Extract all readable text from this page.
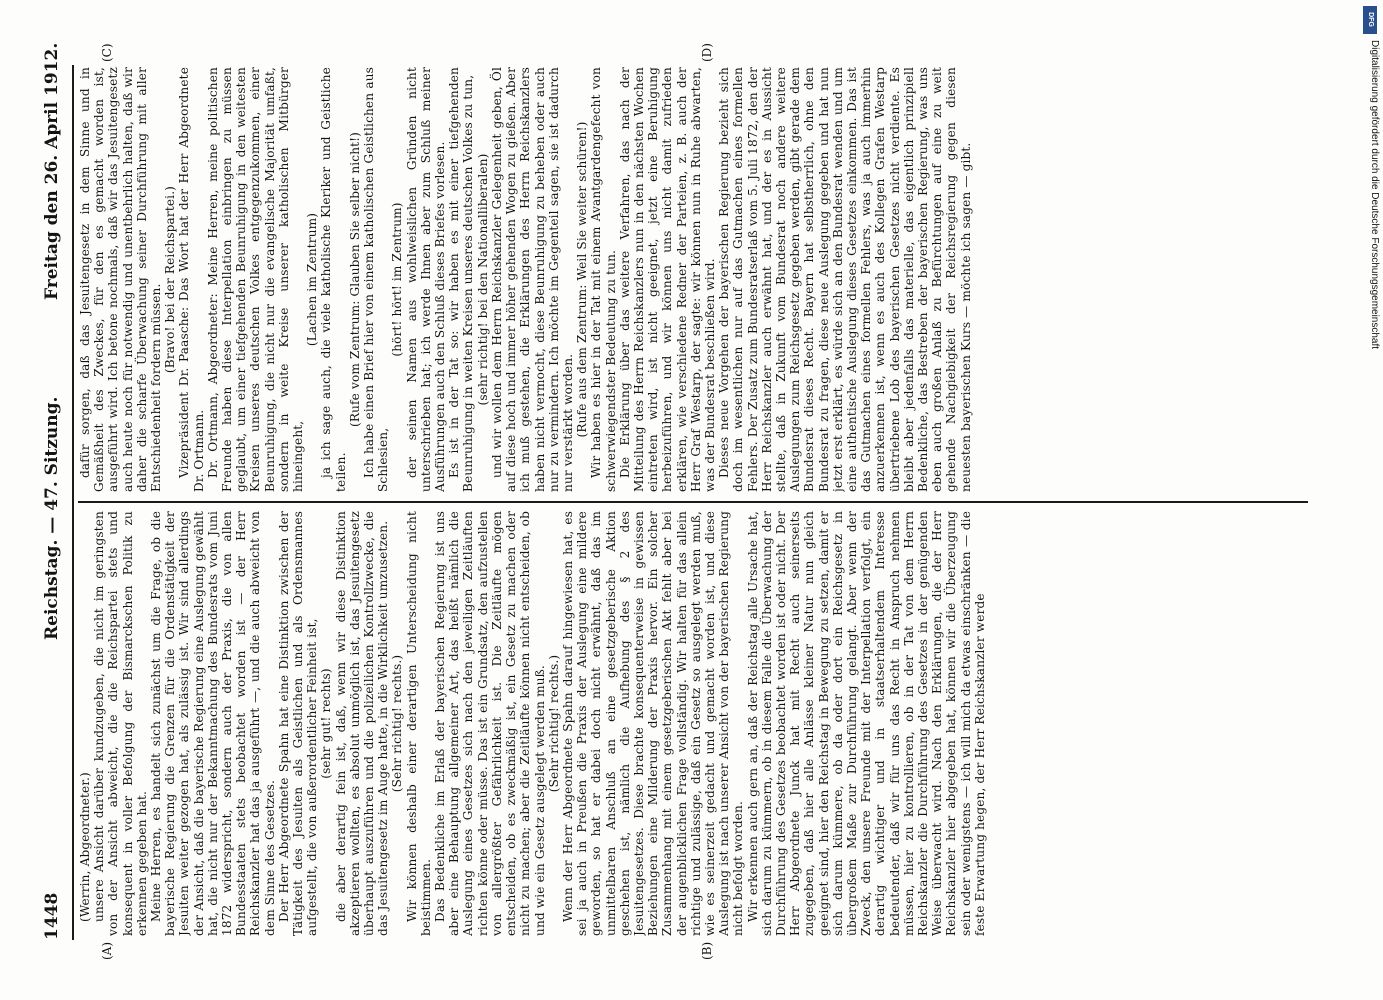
1448
Reichstag. — 47. Sitzung.
Freitag den 26. April 1912.
(A)	(B)
(C)	(D)

(Werrin, Abgeordneter.) unsere Ansicht darüber kundzugeben, die nicht im geringsten von der Ansicht abweicht, die die Reichspartei stets und konsequent in voller Befolgung der Bismarckschen Politik zu erkennen gegeben hat. Meine Herren, es handelt sich zunächst um die Frage, ob die bayerische Regierung die Grenzen für die Ordenstätigkeit der Jesuiten weiter gezogen hat, als zulässig ist. Wir sind allerdings der Ansicht, daß die bayerische Regierung eine Auslegung gewählt hat, die nicht nur der Bekanntmachung des Bundesrats vom Juni 1872 widerspricht, sondern auch der Praxis, die von allen Bundesstaaten stets beobachtet worden ist — der Herr Reichskanzler hat das ja ausgeführt —, und die auch abweicht von dem Sinne des Gesetzes. Der Herr Abgeordnete Spahn hat eine Distinktion zwischen der Tätigkeit des Jesuiten als Geistlichen und als Ordensmannes aufgestellt, die von außerordentlicher Feinheit ist, (sehr gut! rechts) die aber derartig fein ist, daß, wenn wir diese Distinktion akzeptieren wollten, es absolut unmöglich ist, das Jesuitengesetz überhaupt auszuführen und die polizeilichen Kontrollzwecke, die das Jesuitengesetz im Auge hatte, in die Wirklichkeit umzusetzen. (Sehr richtig! rechts.) Wir können deshalb einer derartigen Unterscheidung nicht beistimmen. Das Bedenkliche im Erlaß der bayerischen Regierung ist uns aber eine Behauptung allgemeiner Art, das heißt nämlich die Auslegung eines Gesetzes sich nach den jeweiligen Zeitläuften richten könne oder müsse. Das ist ein Grundsatz, den aufzustellen von allergrößter Gefährlichkeit ist. Die Zeitläufte mögen entscheiden, ob es zweckmäßig ist, ein Gesetz zu machen oder nicht zu machen; aber die Zeitläufte können nicht entscheiden, ob und wie ein Gesetz ausgelegt werden muß. (Sehr richtig! rechts.) Wenn der Herr Abgeordnete Spahn darauf hingewiesen hat, es sei ja auch in Preußen die Praxis der Auslegung eine mildere geworden, so hat er dabei doch nicht erwähnt, daß das im unmittelbaren Anschluß an eine gesetzgeberische Aktion geschehen ist, nämlich die Aufhebung des § 2 des Jesuitengesetzes. Diese brachte konsequenterweise in gewissen Beziehungen eine Milderung der Praxis hervor. Ein solcher Zusammenhang mit einem gesetzgeberischen Akt fehlt aber bei der augenblicklichen Frage vollständig. Wir halten für das allein richtige und zulässige, daß ein Gesetz so ausgelegt werden muß, wie es seinerzeit gedacht und gemacht worden ist, und diese Auslegung ist nach unserer Ansicht von der bayerischen Regierung nicht befolgt worden. Wir erkennen auch gern an, daß der Reichstag alle Ursache hat, sich darum zu kümmern, ob in diesem Falle die Überwachung der Durchführung des Gesetzes beobachtet worden ist oder nicht. Der Herr Abgeordnete Junck hat mit Recht auch seinerseits zugegeben, daß hier alle Anlässe kleiner Natur nun gleich geeignet sind, hier den Reichstag in Bewegung zu setzen, damit er sich darum kümmere, ob da oder dort ein Reichsgesetz in übergroßem Maße zur Durchführung gelangt. Aber wenn der Zweck, den unsere Freunde mit der Interpellation verfolgt, ein derartig wichtiger und in staatserhaltendem Interesse bedeutender, daß wir für uns das Recht in Anspruch nehmen müssen, hier zu kontrollieren, ob in der Tat von dem Herrn Reichskanzler die Durchführung des Gesetzes in der genügenden Weise überwacht wird. Nach den Erklärungen, die der Herr Reichskanzler hier abgegeben hat, können wir die Überzeugung sein oder wenigstens — ich will mich da etwas einschränken — die feste Erwartung hegen, der Herr Reichskanzler werde

dafür sorgen, daß das Jesuitengesetz in dem Sinne und in Gemäßheit des Zweckes, für den es gemacht worden ist, ausgeführt wird. Ich betone nochmals, daß wir das Jesuitengesetz auch heute noch für notwendig und unentbehrlich halten, daß wir daher die scharfe Überwachung seiner Durchführung mit aller Entschiedenheit fordern müssen.

(Bravo! bei der Reichspartei.) Vizepräsident Dr. Paasche: Das Wort hat der Herr Abgeordnete Dr. Ortmann. Dr. Ortmann, Abgeordneter: Meine Herren, meine politischen Freunde haben diese Interpellation einbringen zu müssen geglaubt, um einer tiefgehenden Beunruhigung in den weitesten Kreisen unseres deutschen Volkes entgegenzukommen, einer Beunruhigung, die nicht nur die evangelische Majorität umfaßt, sondern in weite Kreise unserer katholischen Mitbürger hineingeht,

(Lachen im Zentrum) ja ich sage auch, die viele katholische Kleriker und Geistliche teilen.

(Rufe vom Zentrum: Glauben Sie selber nicht!) Ich habe einen Brief hier von einem katholischen Geistlichen aus Schlesien,

(hört! hört! im Zentrum) der seinen Namen aus wohlweislichen Gründen nicht unterschrieben hat; ich werde Ihnen aber zum Schluß meiner Ausführungen auch den Schluß dieses Briefes vorlesen. Es ist in der Tat so: wir haben es mit einer tiefgehenden Beunruhigung in weiten Kreisen unseres deutschen Volkes zu tun, (sehr richtig! bei den Nationalliberalen) und wir wollen dem Herrn Reichskanzler Gelegenheit geben, Öl auf diese hoch und immer höher gehenden Wogen zu gießen. Aber ich muß gestehen, die Erklärungen des Herrn Reichskanzlers haben nicht vermocht, diese Beunruhigung zu beheben oder auch nur zu vermindern. Ich möchte im Gegenteil sagen, sie ist dadurch nur verstärkt worden. (Rufe aus dem Zentrum: Weil Sie weiter schüren!) Wir haben es hier in der Tat mit einem Avantgardengefecht von schwerwiegendster Bedeutung zu tun. Die Erklärung über das weitere Verfahren, das nach der Mitteilung des Herrn Reichskanzlers nun in den nächsten Wochen eintreten wird, ist nicht geeignet, jetzt eine Beruhigung herbeizuführen, und wir können uns nicht damit zufrieden erklären, wie verschiedene Redner der Parteien, z. B. auch der Herr Graf Westarp, der sagte: wir können nun in Ruhe abwarten, was der Bundesrat beschließen wird. Dieses neue Vorgehen der bayerischen Regierung bezieht sich doch im wesentlichen nur auf das Gutmachen eines formellen Fehlers. Der Zusatz zum Bundesratserlaß vom 5. Juli 1872, den der Herr Reichskanzler auch erwähnt hat, und der es in Aussicht stellte, daß in Zukunft vom Bundesrat noch andere weitere Auslegungen zum Reichsgesetz gegeben werden, gibt gerade dem Bundesrat dieses Recht. Bayern hat selbstherrlich, ohne den Bundesrat zu fragen, diese neue Auslegung gegeben und hat nun jetzt erst erklärt, es würde sich an den Bundesrat wenden und um eine authentische Auslegung dieses Gesetzes einkommen. Das ist das Gutmachen eines formellen Fehlers, was ja auch immerhin anzuerkennen ist, wenn es auch des Kollegen Grafen Westarp übertriebene Lob des bayerischen Gesetzes nicht verdiente. Es bleibt aber jedenfalls das materielle, das eigentlich prinzipiell Bedenkliche, das Bestreben der bayerischen Regierung, was uns eben auch großen Anlaß zu Befürchtungen auf eine zu weit gehende Nachgiebigkeit der Reichsregierung gegen diesen neuesten bayerischen Kurs — möchte ich sagen — gibt.	Digitalisierung gefördert durch die Deutsche Forschungsgemeinschaft
DFG
